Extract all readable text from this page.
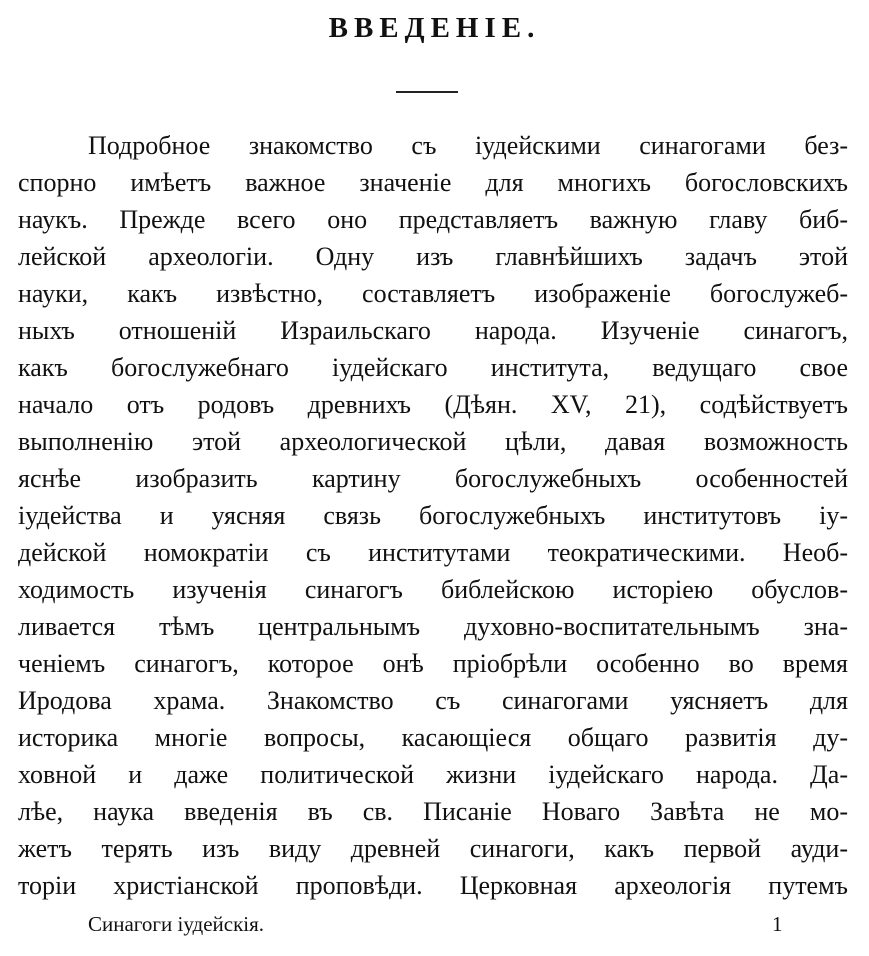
ВВЕДЕНІЕ.
Подробное знакомство съ іудейскими синагогами без-
спорно имѣетъ важное значенie для многихъ богословскихъ
наукъ. Прежде всего оно представляетъ важную главу биб-
лейской археологіи. Одну изъ главнѣйшихъ задачъ этой
науки, какъ извѣстно, составляетъ изображенiе богослужеб-
ныхъ отношенiй Израильскаго народа. Изученiе синагогъ,
какъ богослужебнаго іудейскаго института, ведущаго свое
начало отъ родовъ древнихъ (Дѣян. XV, 21), содѣйствуетъ
выполненію этой археологической цѣли, давая возможность
яснѣе изобразить картину богослужебныхъ особенностей
іудейства и уясняя связь богослужебныхъ институтовъ іу-
дейской номократіи съ институтами теократическими. Необ-
ходимость изученія синагогъ библейскою исторіею обуслов-
ливается тѣмъ центральнымъ духовно-воспитательнымъ зна-
ченіемъ синагогъ, которое онѣ пріобрѣли особенно во время
Иродова храма. Знакомство съ синагогами уясняетъ для
историка многіе вопросы, касающіеся общаго развитія ду-
ховной и даже политической жизни іудейскаго народа. Да-
лѣе, наука введенія въ св. Писаніе Новаго Завѣта не мо-
жетъ терять изъ виду древней синагоги, какъ первой ауди-
торіи христіанской проповѣди. Церковная археологія путемъ
Синагоги іудейскія.	1
